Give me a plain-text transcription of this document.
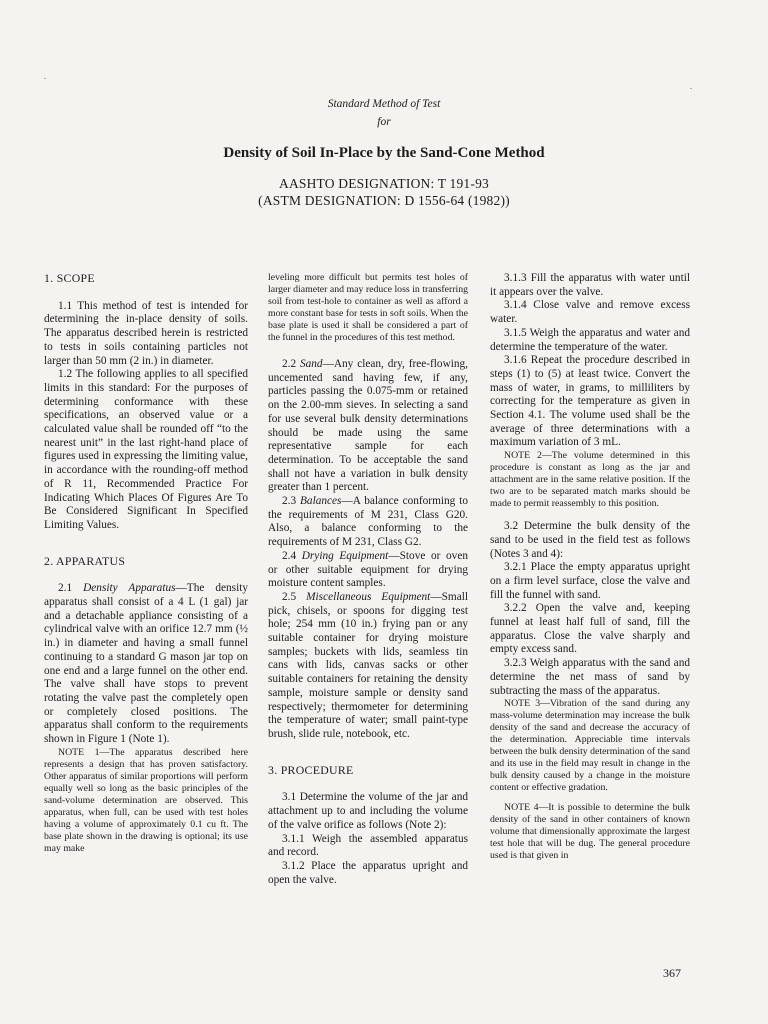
.
.
Standard Method of Test
for
Density of Soil In-Place by the Sand-Cone Method
AASHTO DESIGNATION: T 191-93
(ASTM DESIGNATION: D 1556-64 (1982))
1. SCOPE

1.1 This method of test is intended for determining the in-place density of soils. The apparatus described herein is restricted to tests in soils containing particles not larger than 50 mm (2 in.) in diameter.

1.2 The following applies to all specified limits in this standard: For the purposes of determining conformance with these specifications, an observed value or a calculated value shall be rounded off “to the nearest unit” in the last right-hand place of figures used in expressing the limiting value, in accordance with the rounding-off method of R 11, Recommended Practice For Indicating Which Places Of Figures Are To Be Considered Significant In Specified Limiting Values.

2. APPARATUS

2.1 Density Apparatus—The density apparatus shall consist of a 4 L (1 gal) jar and a detachable appliance consisting of a cylindrical valve with an orifice 12.7 mm (½ in.) in diameter and having a small funnel continuing to a standard G mason jar top on one end and a large funnel on the other end. The valve shall have stops to prevent rotating the valve past the completely open or completely closed positions. The apparatus shall conform to the requirements shown in Figure 1 (Note 1).

NOTE 1—The apparatus described here represents a design that has proven satisfactory. Other apparatus of similar proportions will perform equally well so long as the basic principles of the sand-volume determination are observed. This apparatus, when full, can be used with test holes having a volume of approximately 0.1 cu ft. The base plate shown in the drawing is optional; its use may make

leveling more difficult but permits test holes of larger diameter and may reduce loss in transferring soil from test-hole to container as well as afford a more constant base for tests in soft soils. When the base plate is used it shall be considered a part of the funnel in the procedures of this test method.

2.2 Sand—Any clean, dry, free-flowing, uncemented sand having few, if any, particles passing the 0.075-mm or retained on the 2.00-mm sieves. In selecting a sand for use several bulk density determinations should be made using the same representative sample for each determination. To be acceptable the sand shall not have a variation in bulk density greater than 1 percent.

2.3 Balances—A balance conforming to the requirements of M 231, Class G20. Also, a balance conforming to the requirements of M 231, Class G2.

2.4 Drying Equipment—Stove or oven or other suitable equipment for drying moisture content samples.

2.5 Miscellaneous Equipment—Small pick, chisels, or spoons for digging test hole; 254 mm (10 in.) frying pan or any suitable container for drying moisture samples; buckets with lids, seamless tin cans with lids, canvas sacks or other suitable containers for retaining the density sample, moisture sample or density sand respectively; thermometer for determining the temperature of water; small paint-type brush, slide rule, notebook, etc.

3. PROCEDURE

3.1 Determine the volume of the jar and attachment up to and including the volume of the valve orifice as follows (Note 2):

3.1.1 Weigh the assembled apparatus and record.

3.1.2 Place the apparatus upright and open the valve.

3.1.3 Fill the apparatus with water until it appears over the valve.

3.1.4 Close valve and remove excess water.

3.1.5 Weigh the apparatus and water and determine the temperature of the water.

3.1.6 Repeat the procedure described in steps (1) to (5) at least twice. Convert the mass of water, in grams, to milliliters by correcting for the temperature as given in Section 4.1. The volume used shall be the average of three determinations with a maximum variation of 3 mL.

NOTE 2—The volume determined in this procedure is constant as long as the jar and attachment are in the same relative position. If the two are to be separated match marks should be made to permit reassembly to this position.

3.2 Determine the bulk density of the sand to be used in the field test as follows (Notes 3 and 4):

3.2.1 Place the empty apparatus upright on a firm level surface, close the valve and fill the funnel with sand.

3.2.2 Open the valve and, keeping funnel at least half full of sand, fill the apparatus. Close the valve sharply and empty excess sand.

3.2.3 Weigh apparatus with the sand and determine the net mass of sand by subtracting the mass of the apparatus.

NOTE 3—Vibration of the sand during any mass-volume determination may increase the bulk density of the sand and decrease the accuracy of the determination. Appreciable time intervals between the bulk density determination of the sand and its use in the field may result in change in the bulk density caused by a change in the moisture content or effective gradation.

NOTE 4—It is possible to determine the bulk density of the sand in other containers of known volume that dimensionally approximate the largest test hole that will be dug. The general procedure used is that given in

367
